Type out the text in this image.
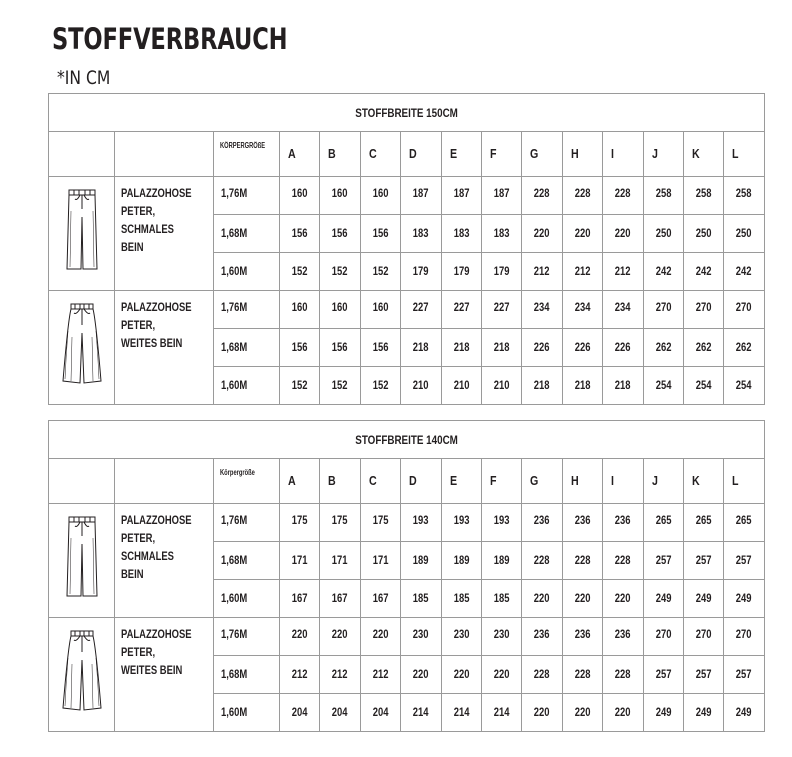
STOFFVERBRAUCH
*IN CM
STOFFBREITE 150CM														
		KÖRPERGRÖßE	A	B	C	D	E	F	G	H	I	J	K	L
	PALAZZOHOSE
PETER, SCHMALES
BEIN	1,76M	160	160	160	187	187	187	228	228	228	258	258	258
		1,68M	156	156	156	183	183	183	220	220	220	250	250	250
		1,60M	152	152	152	179	179	179	212	212	212	242	242	242
	PALAZZOHOSE
PETER,
WEITES BEIN	1,76M	160	160	160	227	227	227	234	234	234	270	270	270
		1,68M	156	156	156	218	218	218	226	226	226	262	262	262
		1,60M	152	152	152	210	210	210	218	218	218	254	254	254
STOFFBREITE 140CM														
		Körpergröße	A	B	C	D	E	F	G	H	I	J	K	L
	PALAZZOHOSE
PETER, SCHMALES
BEIN	1,76M	175	175	175	193	193	193	236	236	236	265	265	265
		1,68M	171	171	171	189	189	189	228	228	228	257	257	257
		1,60M	167	167	167	185	185	185	220	220	220	249	249	249
	PALAZZOHOSE
PETER,
WEITES BEIN	1,76M	220	220	220	230	230	230	236	236	236	270	270	270
		1,68M	212	212	212	220	220	220	228	228	228	257	257	257
		1,60M	204	204	204	214	214	214	220	220	220	249	249	249
